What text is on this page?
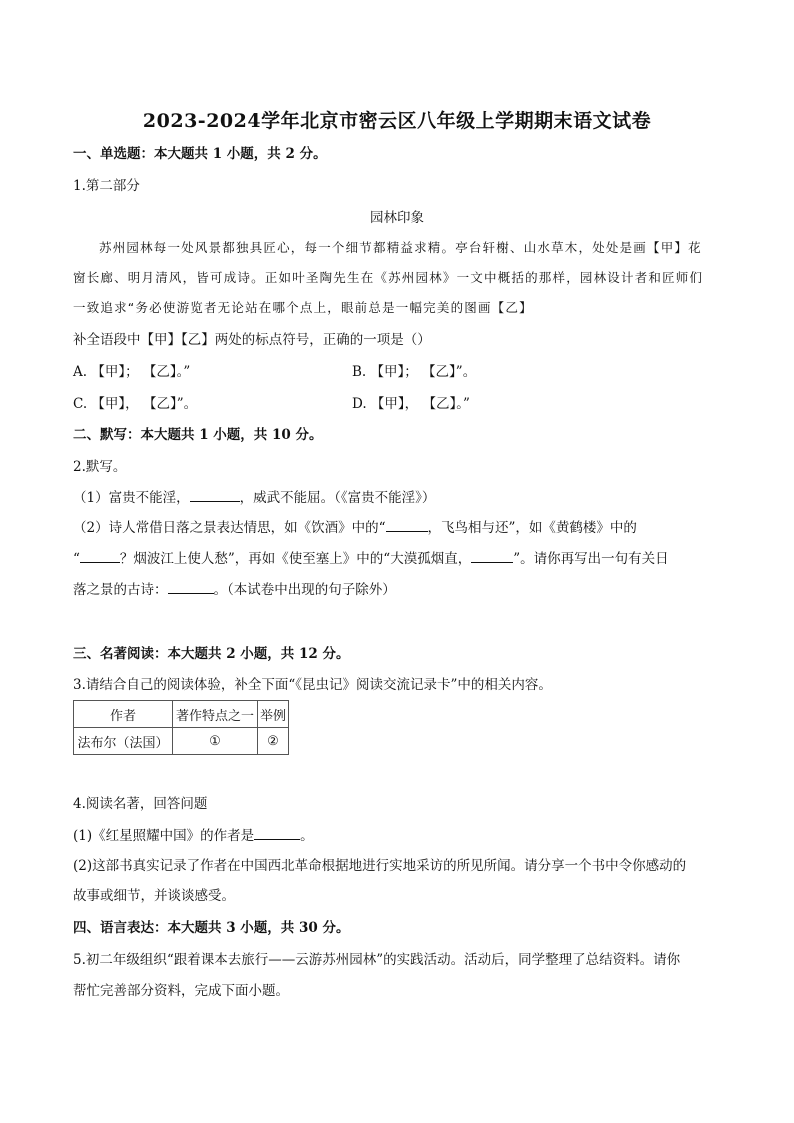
2023-2024学年北京市密云区八年级上学期期末语文试卷
一、单选题：本大题共 1 小题，共 2 分。
1.第二部分
园林印象
苏州园林每一处风景都独具匠心，每一个细节都精益求精。亭台轩榭、山水草木，处处是画【甲】花
窗长廊、明月清风，皆可成诗。正如叶圣陶先生在《苏州园林》一文中概括的那样，园林设计者和匠师们
一致追求“务必使游览者无论站在哪个点上，眼前总是一幅完美的图画【乙】
补全语段中【甲】【乙】两处的标点符号，正确的一项是（）
A. 【甲】； 【乙】。”	B. 【甲】； 【乙】”。
C. 【甲】， 【乙】”。	D. 【甲】， 【乙】。”
二、默写：本大题共 1 小题，共 10 分。
2.默写。
（1）富贵不能淫，	，威武不能屈。（《富贵不能淫》）
（2）诗人常借日落之景表达情思，如《饮酒》中的“	，飞鸟相与还”，如《黄鹤楼》中的
“	？烟波江上使人愁”，再如《使至塞上》中的“大漠孤烟直，	”。请你再写出一句有关日
落之景的古诗：	。（本试卷中出现的句子除外）
三、名著阅读：本大题共 2 小题，共 12 分。
3.请结合自己的阅读体验，补全下面“《昆虫记》阅读交流记录卡”中的相关内容。
作者	著作特点之一	举例
法布尔（法国）	①	②
4.阅读名著，回答问题
(1)《红星照耀中国》的作者是	。
(2)这部书真实记录了作者在中国西北革命根据地进行实地采访的所见所闻。请分享一个书中令你感动的
故事或细节，并谈谈感受。
四、语言表达：本大题共 3 小题，共 30 分。
5.初二年级组织“跟着课本去旅行——云游苏州园林”的实践活动。活动后，同学整理了总结资料。请你
帮忙完善部分资料，完成下面小题。
